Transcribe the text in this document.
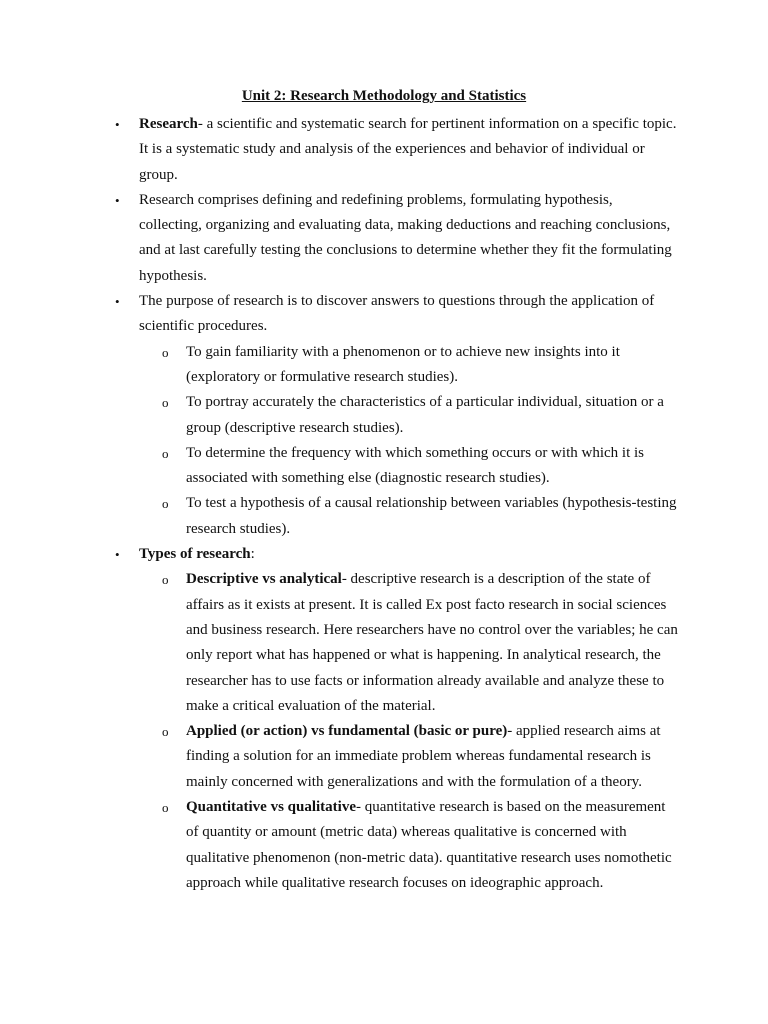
Unit 2: Research Methodology and Statistics
• Research- a scientific and systematic search for pertinent information on a specific topic. It is a systematic study and analysis of the experiences and behavior of individual or group.
• Research comprises defining and redefining problems, formulating hypothesis, collecting, organizing and evaluating data, making deductions and reaching conclusions, and at last carefully testing the conclusions to determine whether they fit the formulating hypothesis.
• The purpose of research is to discover answers to questions through the application of scientific procedures.
o To gain familiarity with a phenomenon or to achieve new insights into it (exploratory or formulative research studies).
o To portray accurately the characteristics of a particular individual, situation or a group (descriptive research studies).
o To determine the frequency with which something occurs or with which it is associated with something else (diagnostic research studies).
o To test a hypothesis of a causal relationship between variables (hypothesis-testing research studies).
• Types of research:
o Descriptive vs analytical- descriptive research is a description of the state of affairs as it exists at present. It is called Ex post facto research in social sciences and business research. Here researchers have no control over the variables; he can only report what has happened or what is happening. In analytical research, the researcher has to use facts or information already available and analyze these to make a critical evaluation of the material.
o Applied (or action) vs fundamental (basic or pure)- applied research aims at finding a solution for an immediate problem whereas fundamental research is mainly concerned with generalizations and with the formulation of a theory.
o Quantitative vs qualitative- quantitative research is based on the measurement of quantity or amount (metric data) whereas qualitative is concerned with qualitative phenomenon (non-metric data). quantitative research uses nomothetic approach while qualitative research focuses on ideographic approach.
